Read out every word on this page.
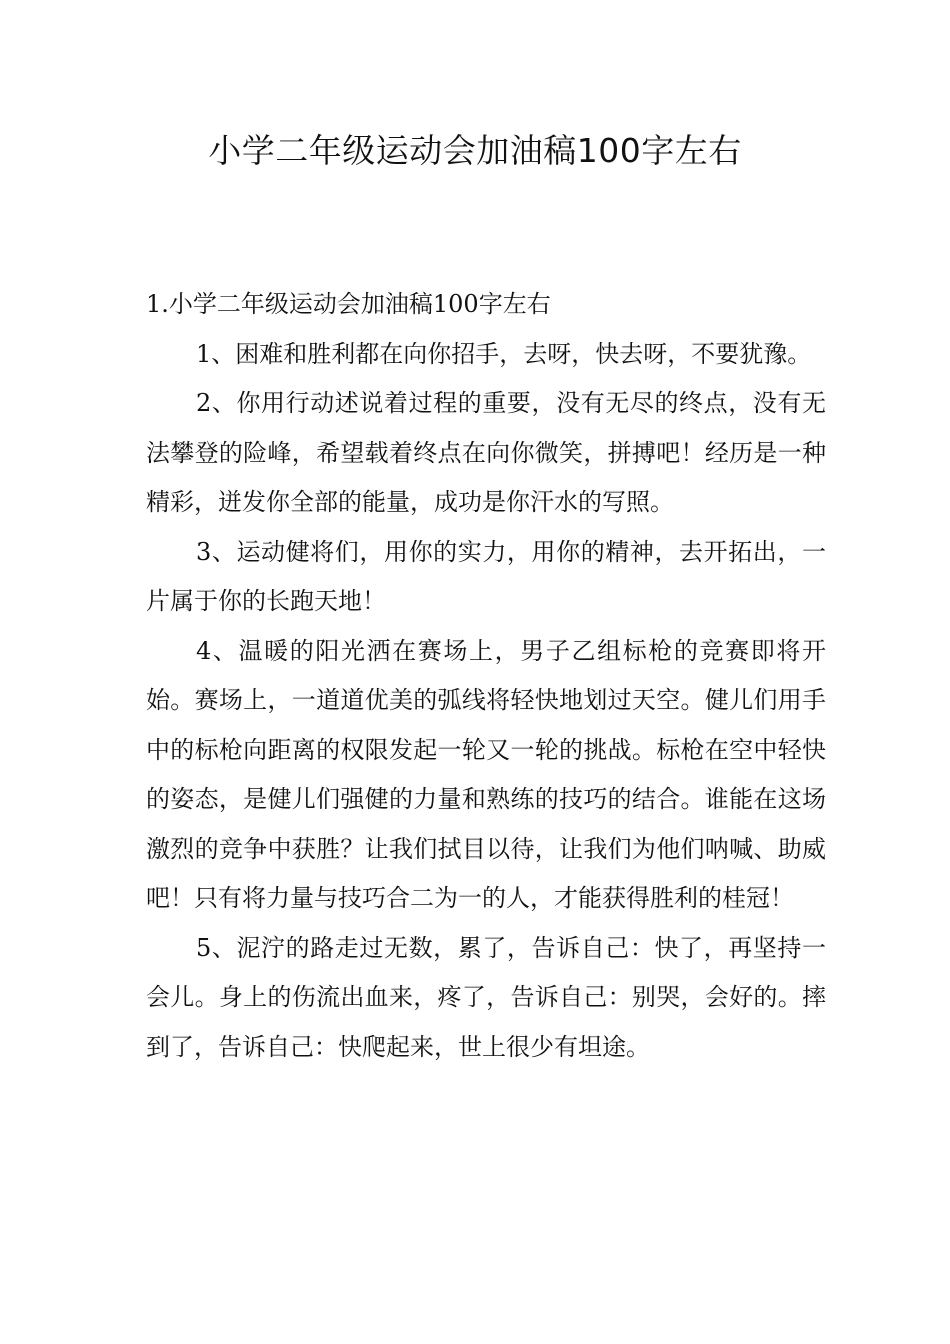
小学二年级运动会加油稿100字左右
1.小学二年级运动会加油稿100字左右

1、困难和胜利都在向你招手，去呀，快去呀，不要犹豫。

2、你用行动述说着过程的重要，没有无尽的终点，没有无法攀登的险峰，希望载着终点在向你微笑，拼搏吧！经历是一种精彩，迸发你全部的能量，成功是你汗水的写照。

3、运动健将们，用你的实力，用你的精神，去开拓出，一片属于你的长跑天地！

4、温暖的阳光洒在赛场上，男子乙组标枪的竞赛即将开始。赛场上，一道道优美的弧线将轻快地划过天空。健儿们用手中的标枪向距离的权限发起一轮又一轮的挑战。标枪在空中轻快的姿态，是健儿们强健的力量和熟练的技巧的结合。谁能在这场激烈的竞争中获胜？让我们拭目以待，让我们为他们呐喊、助威吧！只有将力量与技巧合二为一的人，才能获得胜利的桂冠！

5、泥泞的路走过无数，累了，告诉自己：快了，再坚持一会儿。身上的伤流出血来，疼了，告诉自己：别哭，会好的。摔到了，告诉自己：快爬起来，世上很少有坦途。
